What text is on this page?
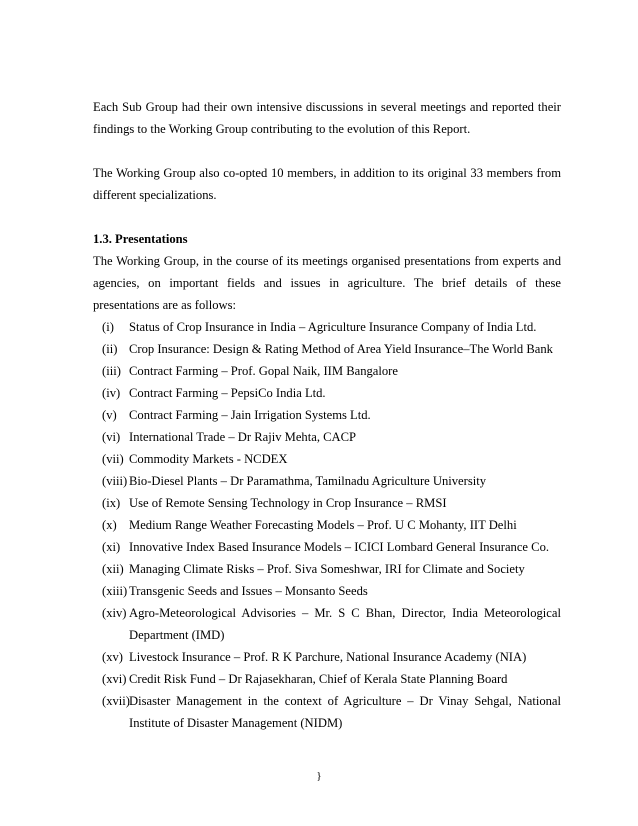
Each Sub Group had their own intensive discussions in several meetings and reported their findings to the Working Group contributing to the evolution of this Report.

The Working Group also co-opted 10 members, in addition to its original 33 members from different specializations.

1.3. Presentations

The Working Group, in the course of its meetings organised presentations from experts and agencies, on important fields and issues in agriculture. The brief details of these presentations are as follows:

(i)	Status of Crop Insurance in India – Agriculture Insurance Company of India Ltd.
(ii) Crop Insurance: Design & Rating Method of Area Yield Insurance–The World Bank
(iii) Contract Farming – Prof. Gopal Naik, IIM Bangalore
(iv) Contract Farming – PepsiCo India Ltd.
(v) Contract Farming – Jain Irrigation Systems Ltd.
(vi) International Trade – Dr Rajiv Mehta, CACP
(vii) Commodity Markets - NCDEX
(viii) Bio-Diesel Plants – Dr Paramathma, Tamilnadu Agriculture University
(ix) Use of Remote Sensing Technology in Crop Insurance – RMSI
(x) Medium Range Weather Forecasting Models – Prof. U C Mohanty, IIT Delhi
(xi) Innovative Index Based Insurance Models – ICICI Lombard General Insurance Co.
(xii) Managing Climate Risks – Prof. Siva Someshwar, IRI for Climate and Society
(xiii) Transgenic Seeds and Issues – Monsanto Seeds
(xiv) Agro-Meteorological Advisories – Mr. S C Bhan, Director, India Meteorological Department (IMD)
(xv) Livestock Insurance – Prof. R K Parchure, National Insurance Academy (NIA)
(xvi) Credit Risk Fund – Dr Rajasekharan, Chief of Kerala State Planning Board
(xvii) Disaster Management in the context of Agriculture – Dr Vinay Sehgal, National Institute of Disaster Management (NIDM)
}
